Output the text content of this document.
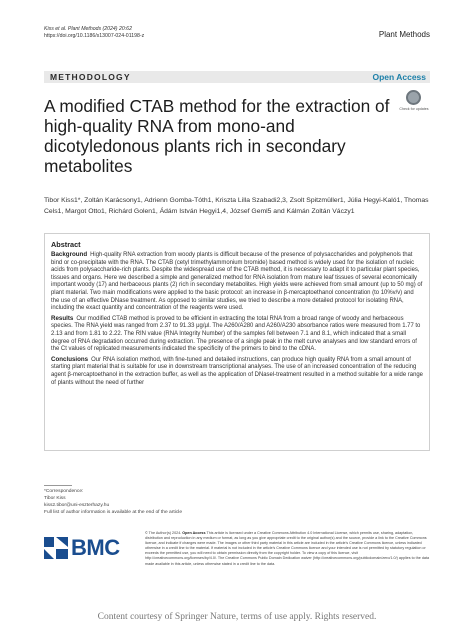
Kiss et al. Plant Methods (2024) 20:62
https://doi.org/10.1186/s13007-024-01198-z	Plant Methods
METHODOLOGY	Open Access
A modified CTAB method for the extraction of high-quality RNA from mono-and dicotyledonous plants rich in secondary metabolites
Check for updates
Tibor Kiss1*, Zoltán Karácsony1, Adrienn Gomba-Tóth1, Kriszta Lilla Szabadi2,3, Zsolt Spitzmüller1, Júlia Hegyi-Kaló1, Thomas Cels1, Margot Otto1, Richárd Golen1, Ádám István Hegyi1,4, József Geml5 and Kálmán Zoltán Váczy1
Abstract

Background High-quality RNA extraction from woody plants is difficult because of the presence of polysaccharides and polyphenols that bind or co-precipitate with the RNA. The CTAB (cetyl trimethylammonium bromide) based method is widely used for the isolation of nucleic acids from polysaccharide-rich plants. Despite the widespread use of the CTAB method, it is necessary to adapt it to particular plant species, tissues and organs. Here we described a simple and generalized method for RNA isolation from mature leaf tissues of several economically important woody (17) and herbaceous plants (2) rich in secondary metabolites. High yields were achieved from small amount (up to 50 mg) of plant material. Two main modifications were applied to the basic protocol: an increase in β-mercaptoethanol concentration (to 10%v/v) and the use of an effective DNase treatment. As opposed to similar studies, we tried to describe a more detailed protocol for isolating RNA, including the exact quantity and concentration of the reagents were used.

Results Our modified CTAB method is proved to be efficient in extracting the total RNA from a broad range of woody and herbaceous species. The RNA yield was ranged from 2.37 to 91.33 μg/μl. The A260/A280 and A260/A230 absorbance ratios were measured from 1.77 to 2.13 and from 1.81 to 2.22. The RIN value (RNA Integrity Number) of the samples fell between 7.1 and 8.1, which indicated that a small degree of RNA degradation occurred during extraction. The presence of a single peak in the melt curve analyses and low standard errors of the Ct values of replicated measurements indicated the specificity of the primers to bind to the cDNA.

Conclusions Our RNA isolation method, with fine-tuned and detailed instructions, can produce high quality RNA from a small amount of starting plant material that is suitable for use in downstream transcriptional analyses. The use of an increased concentration of the reducing agent β-mercaptoethanol in the extraction buffer, as well as the application of DNasel-treatment resulted in a method suitable for a wide range of plants without the need of further

*Correspondence:
Tibor Kiss
kiss2.tibor@uni-eszterhazy.hu
Full list of author information is available at the end of the article
BMC
© The Author(s) 2024. Open Access This article is licensed under a Creative Commons Attribution 4.0 International License, which permits use, sharing, adaptation, distribution and reproduction in any medium or format, as long as you give appropriate credit to the original author(s) and the source, provide a link to the Creative Commons licence, and indicate if changes were made. The images or other third party material in this article are included in the article's Creative Commons licence, unless indicated otherwise in a credit line to the material. If material is not included in the article's Creative Commons licence and your intended use is not permitted by statutory regulation or exceeds the permitted use, you will need to obtain permission directly from the copyright holder. To view a copy of this licence, visit http://creativecommons.org/licenses/by/4.0/. The Creative Commons Public Domain Dedication waiver (http://creativecommons.org/publicdomain/zero/1.0/) applies to the data made available in this article, unless otherwise stated in a credit line to the data.
Content courtesy of Springer Nature, terms of use apply. Rights reserved.
